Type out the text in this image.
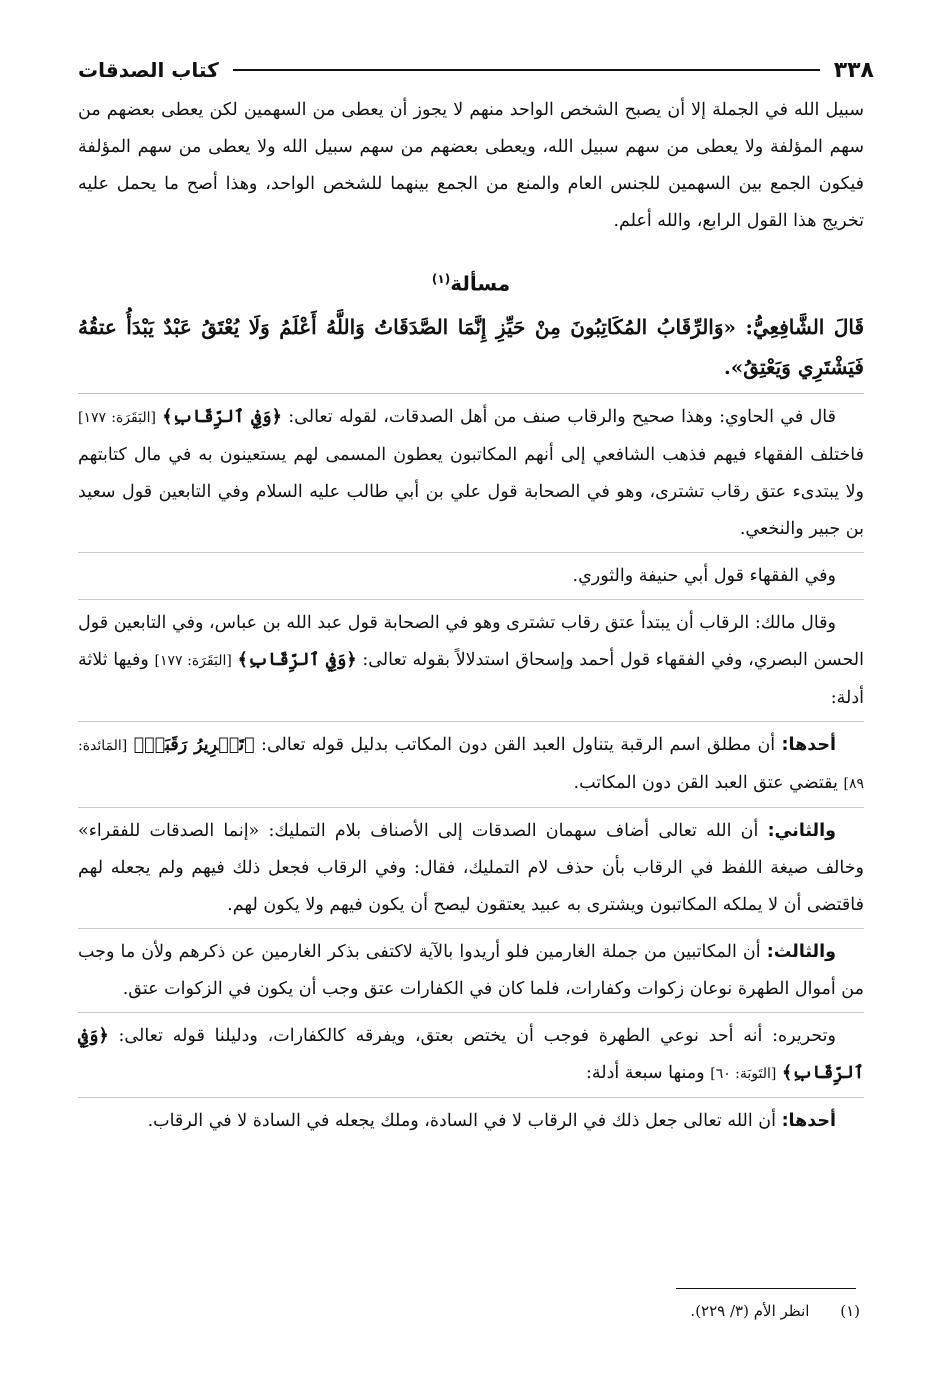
٣٣٨
كتاب الصدقات

سبيل الله في الجملة إلا أن يصبح الشخص الواحد منهم لا يجوز أن يعطى من السهمين لكن يعطى بعضهم من سهم المؤلفة ولا يعطى من سهم سبيل الله، ويعطى بعضهم من سهم سبيل الله ولا يعطى من سهم المؤلفة فيكون الجمع بين السهمين للجنس العام والمنع من الجمع بينهما للشخص الواحد، وهذا أصح ما يحمل عليه تخريج هذا القول الرابع، والله أعلم.

مسألة$^{(١)}$

قَالَ الشَّافِعِيُّ: «وَالرِّقَابُ المُكَاتِبُونَ مِنْ حَيِّزِ إِنَّمَا الصَّدَقَاتُ وَاللَّهُ أَعْلَمُ وَلَا يُعْتَقُ عَبْدٌ يَبْدَأُ عتقُهُ فَيَشْتَرِي وَيَعْتِقُ».

قال في الحاوي: وهذا صحيح والرقاب صنف من أهل الصدقات، لقوله تعالى: ﴿وَفِي ٱلرِّقَابِ﴾ [البَقَرَة: ١٧٧] فاختلف الفقهاء فيهم فذهب الشافعي إلى أنهم المكاتبون يعطون المسمى لهم يستعينون به في مال كتابتهم ولا يبتدىء عتق رقاب تشترى، وهو في الصحابة قول علي بن أبي طالب عليه السلام وفي التابعين قول سعيد بن جبير والنخعي.

وفي الفقهاء قول أبي حنيفة والثوري.

وقال مالك: الرقاب أن يبتدأ عتق رقاب تشترى وهو في الصحابة قول عبد الله بن عباس، وفي التابعين قول الحسن البصري، وفي الفقهاء قول أحمد وإسحاق استدلالاً بقوله تعالى: ﴿وَفِي ٱلرِّقَابِ﴾ [البَقَرَة: ١٧٧] وفيها ثلاثة أدلة:

أحدها: أن مطلق اسم الرقبة يتناول العبد القن دون المكاتب بدليل قوله تعالى: ﴿تَحۡرِيرُ رَقَبَةٖ﴾ [المَائدة: ٨٩] يقتضي عتق العبد القن دون المكاتب.

والثاني: أن الله تعالى أضاف سهمان الصدقات إلى الأصناف بلام التمليك: «إنما الصدقات للفقراء» وخالف صيغة اللفظ في الرقاب بأن حذف لام التمليك، فقال: وفي الرقاب فجعل ذلك فيهم ولم يجعله لهم فاقتضى أن لا يملكه المكاتبون ويشترى به عبيد يعتقون ليصح أن يكون فيهم ولا يكون لهم.

والثالث: أن المكاتبين من جملة الغارمين فلو أريدوا بالآية لاكتفى بذكر الغارمين عن ذكرهم ولأن ما وجب من أموال الطهرة نوعان زكوات وكفارات، فلما كان في الكفارات عتق وجب أن يكون في الزكوات عتق.

وتحريره: أنه أحد نوعي الطهرة فوجب أن يختص بعتق، ويفرقه كالكفارات، ودليلنا قوله تعالى: ﴿وَفِي ٱلرِّقَابِ﴾ [التَوبَة: ٦٠] ومنها سبعة أدلة:

أحدها: أن الله تعالى جعل ذلك في الرقاب لا في السادة، وملك يجعله في السادة لا في الرقاب.

(١) انظر الأم (٣/ ٢٢٩).
